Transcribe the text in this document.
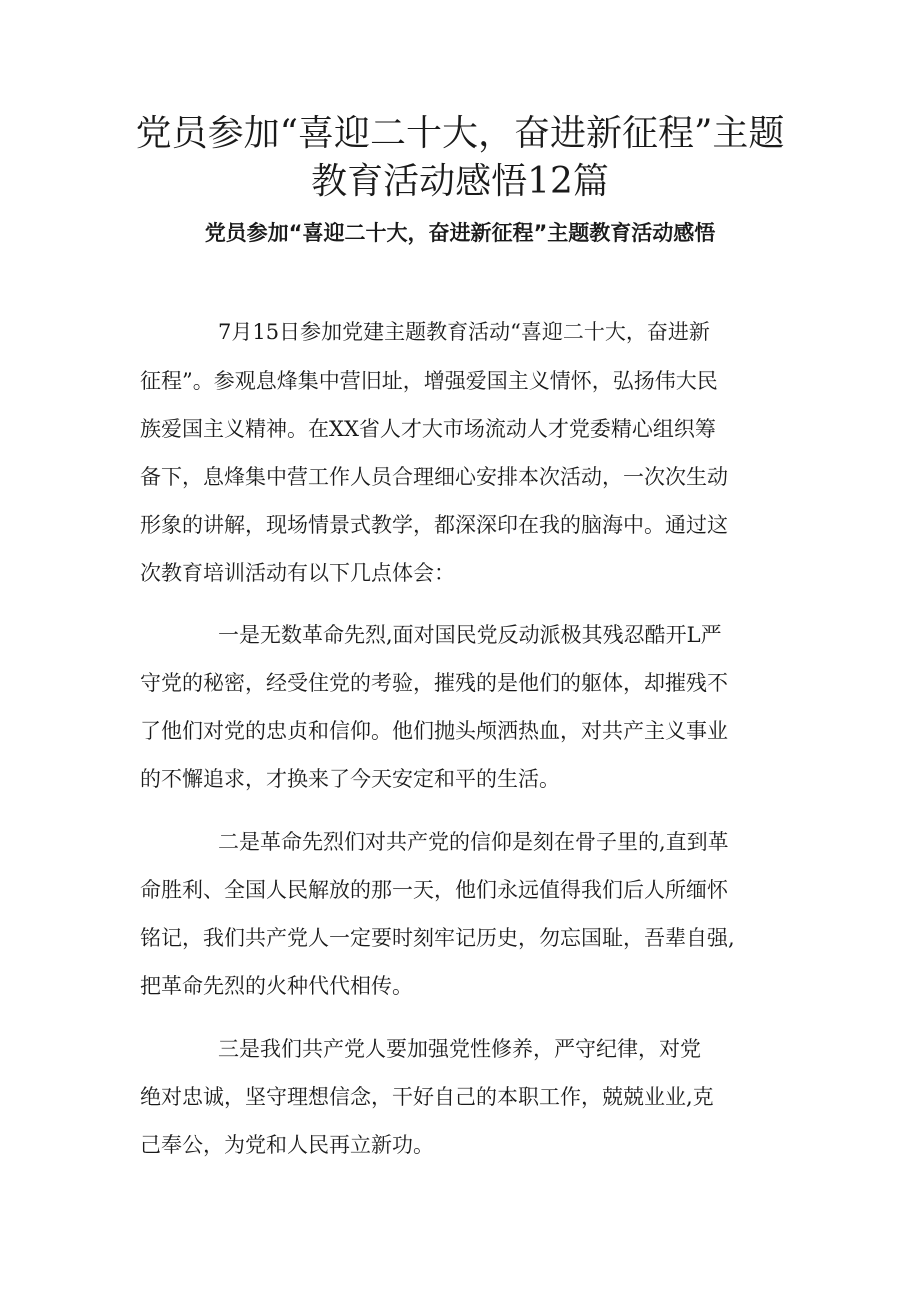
党员参加“喜迎二十大，奋进新征程”主题
教育活动感悟12篇
党员参加“喜迎二十大，奋进新征程”主题教育活动感悟
7月15日参加党建主题教育活动“喜迎二十大，奋进新
征程”。参观息烽集中营旧址，增强爱国主义情怀，弘扬伟大民
族爱国主义精神。在XX省人才大市场流动人才党委精心组织筹
备下，息烽集中营工作人员合理细心安排本次活动，一次次生动
形象的讲解，现场情景式教学，都深深印在我的脑海中。通过这
次教育培训活动有以下几点体会：
一是无数革命先烈,面对国民党反动派极其残忍酷开L严
守党的秘密，经受住党的考验，摧残的是他们的躯体，却摧残不
了他们对党的忠贞和信仰。他们抛头颅洒热血，对共产主义事业
的不懈追求，才换来了今天安定和平的生活。
二是革命先烈们对共产党的信仰是刻在骨子里的,直到革
命胜利、全国人民解放的那一天，他们永远值得我们后人所缅怀
铭记，我们共产党人一定要时刻牢记历史，勿忘国耻，吾辈自强,
把革命先烈的火种代代相传。
三是我们共产党人要加强党性修养，严守纪律，对党
绝对忠诚，坚守理想信念，干好自己的本职工作，兢兢业业,克
己奉公，为党和人民再立新功。
